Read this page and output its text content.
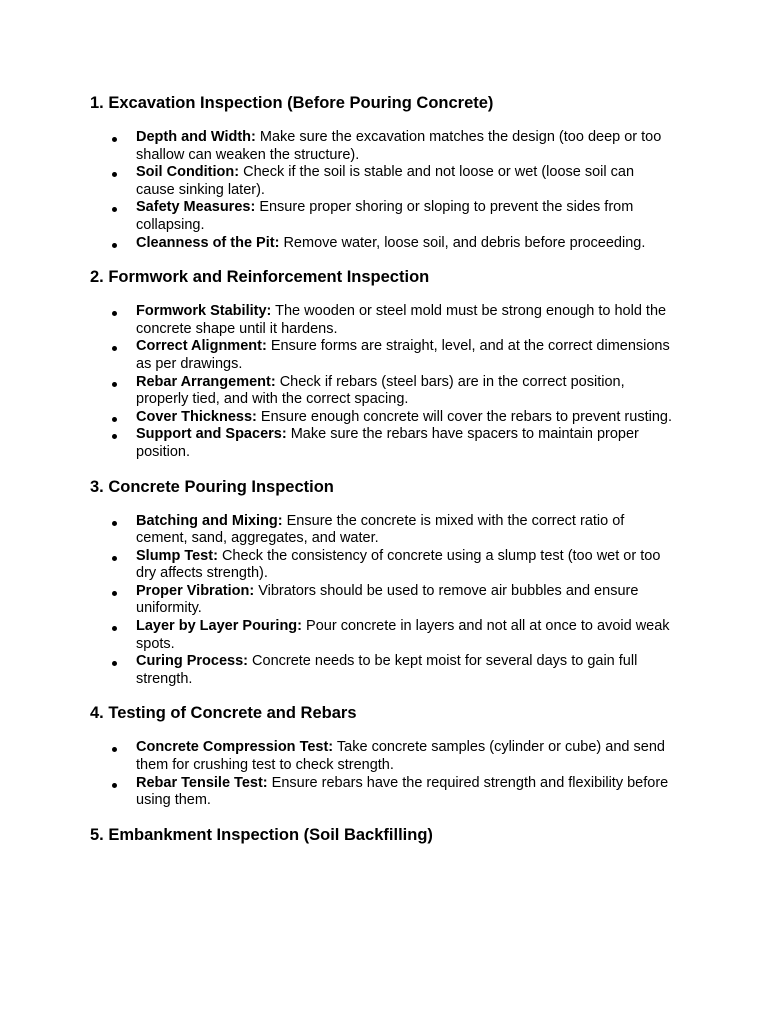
1. Excavation Inspection (Before Pouring Concrete)
Depth and Width: Make sure the excavation matches the design (too deep or too shallow can weaken the structure).
Soil Condition: Check if the soil is stable and not loose or wet (loose soil can cause sinking later).
Safety Measures: Ensure proper shoring or sloping to prevent the sides from collapsing.
Cleanness of the Pit: Remove water, loose soil, and debris before proceeding.
2. Formwork and Reinforcement Inspection
Formwork Stability: The wooden or steel mold must be strong enough to hold the concrete shape until it hardens.
Correct Alignment: Ensure forms are straight, level, and at the correct dimensions as per drawings.
Rebar Arrangement: Check if rebars (steel bars) are in the correct position, properly tied, and with the correct spacing.
Cover Thickness: Ensure enough concrete will cover the rebars to prevent rusting.
Support and Spacers: Make sure the rebars have spacers to maintain proper position.
3. Concrete Pouring Inspection
Batching and Mixing: Ensure the concrete is mixed with the correct ratio of cement, sand, aggregates, and water.
Slump Test: Check the consistency of concrete using a slump test (too wet or too dry affects strength).
Proper Vibration: Vibrators should be used to remove air bubbles and ensure uniformity.
Layer by Layer Pouring: Pour concrete in layers and not all at once to avoid weak spots.
Curing Process: Concrete needs to be kept moist for several days to gain full strength.
4. Testing of Concrete and Rebars
Concrete Compression Test: Take concrete samples (cylinder or cube) and send them for crushing test to check strength.
Rebar Tensile Test: Ensure rebars have the required strength and flexibility before using them.
5. Embankment Inspection (Soil Backfilling)
